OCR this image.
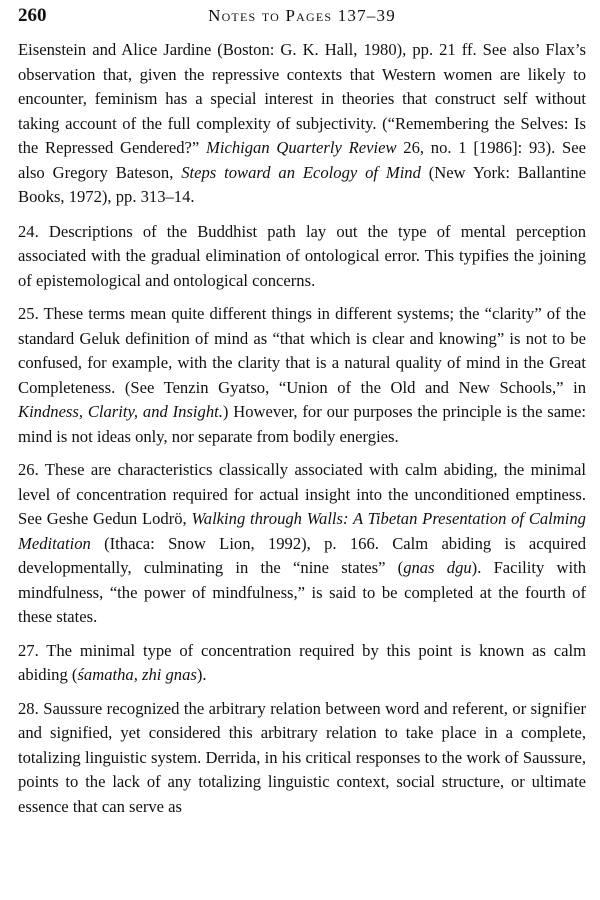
260	Notes to Pages 137–39

Eisenstein and Alice Jardine (Boston: G. K. Hall, 1980), pp. 21 ff. See also Flax’s observation that, given the repressive contexts that Western women are likely to encounter, feminism has a special interest in theories that construct self without taking account of the full complexity of subjectivity. (“Remembering the Selves: Is the Repressed Gendered?” Michigan Quarterly Review 26, no. 1 [1986]: 93). See also Gregory Bateson, Steps toward an Ecology of Mind (New York: Ballantine Books, 1972), pp. 313–14.

24. Descriptions of the Buddhist path lay out the type of mental perception associated with the gradual elimination of ontological error. This typifies the joining of epistemological and ontological concerns.

25. These terms mean quite different things in different systems; the “clarity” of the standard Geluk definition of mind as “that which is clear and knowing” is not to be confused, for example, with the clarity that is a natural quality of mind in the Great Completeness. (See Tenzin Gyatso, “Union of the Old and New Schools,” in Kindness, Clarity, and Insight.) However, for our purposes the principle is the same: mind is not ideas only, nor separate from bodily energies.

26. These are characteristics classically associated with calm abiding, the minimal level of concentration required for actual insight into the unconditioned emptiness. See Geshe Gedun Lodrö, Walking through Walls: A Tibetan Presentation of Calming Meditation (Ithaca: Snow Lion, 1992), p. 166. Calm abiding is acquired developmentally, culminating in the “nine states” (gnas dgu). Facility with mindfulness, “the power of mindfulness,” is said to be completed at the fourth of these states.

27. The minimal type of concentration required by this point is known as calm abiding (śamatha, zhi gnas).

28. Saussure recognized the arbitrary relation between word and referent, or signifier and signified, yet considered this arbitrary relation to take place in a complete, totalizing linguistic system. Derrida, in his critical responses to the work of Saussure, points to the lack of any totalizing linguistic context, social structure, or ultimate essence that can serve as
